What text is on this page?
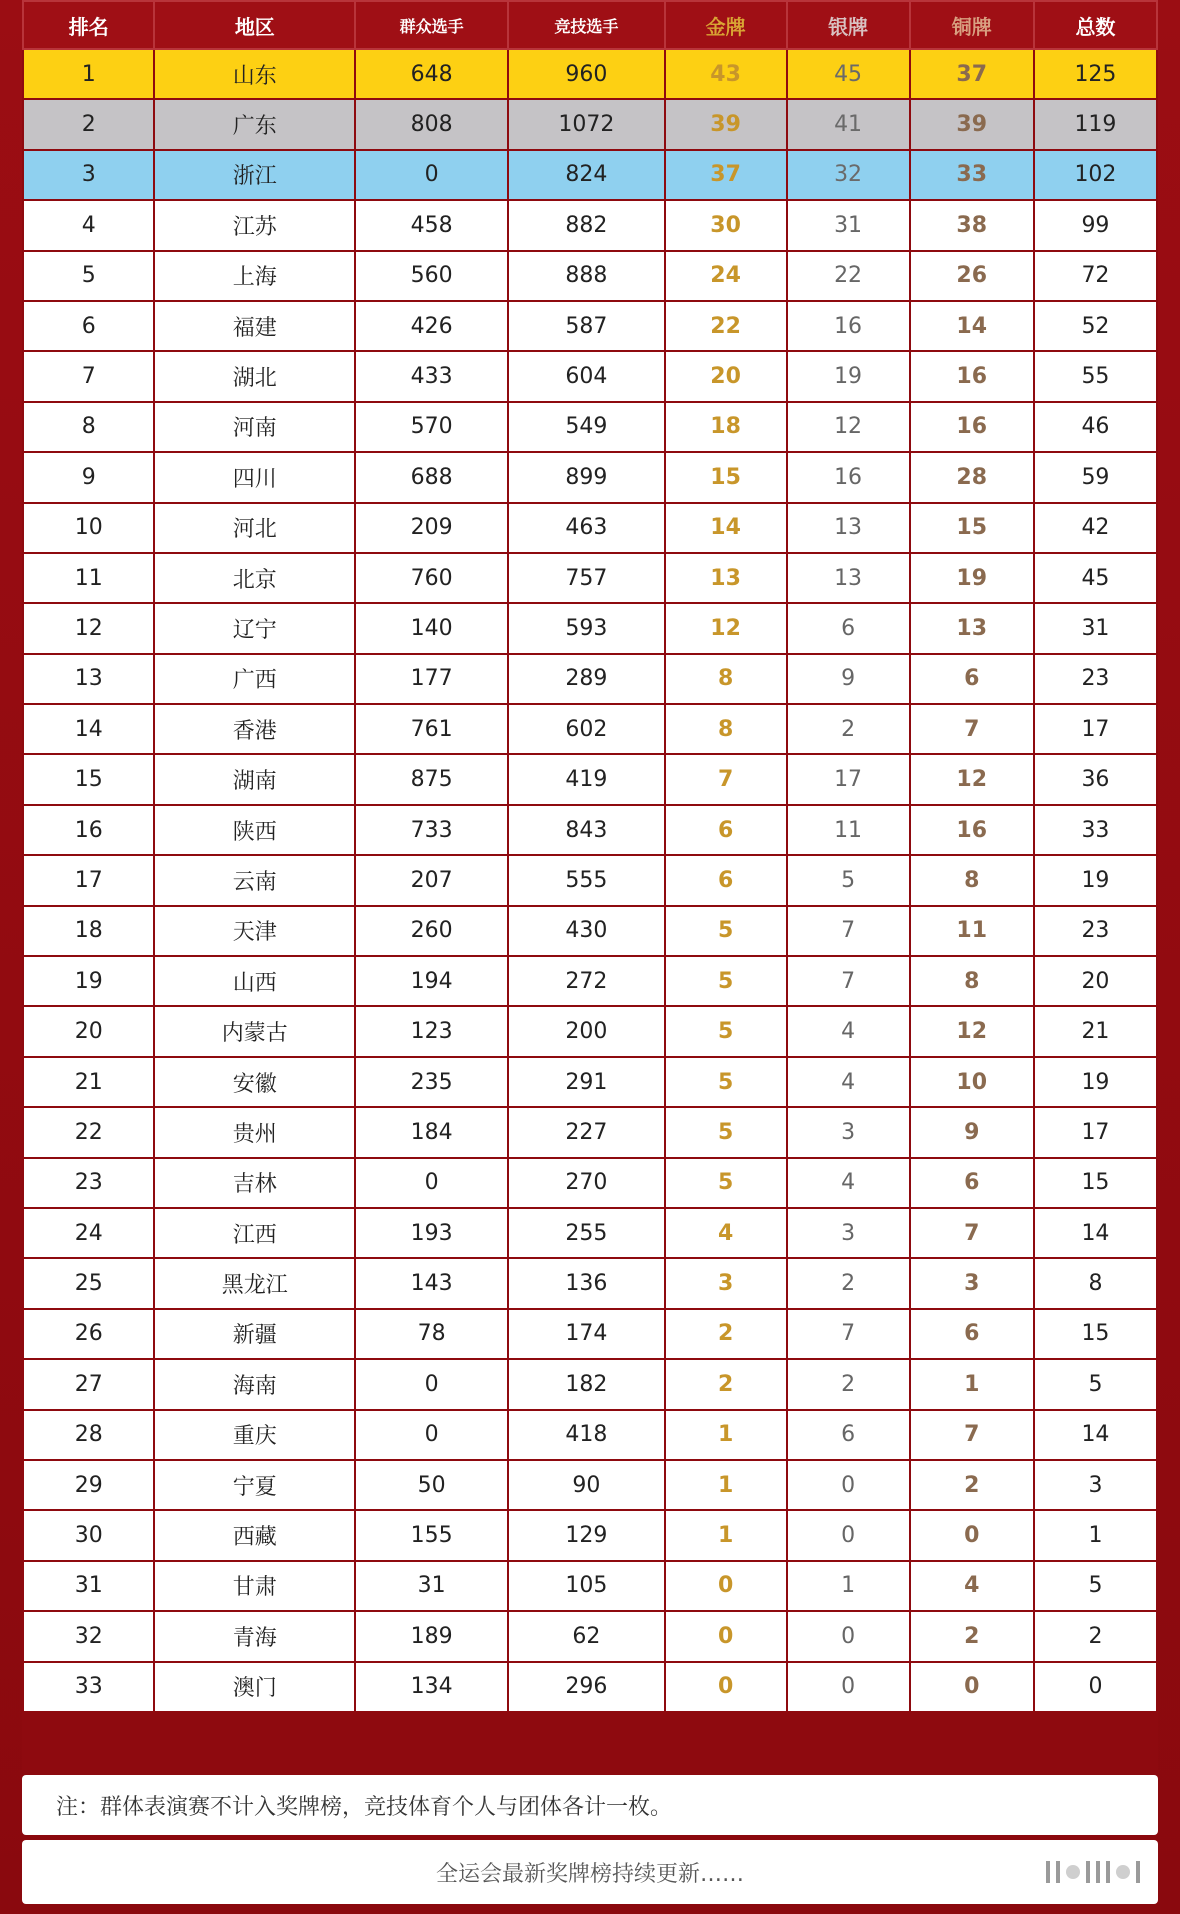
排名	地区	群众选手	竞技选手	金牌	银牌	铜牌	总数
1	山东	648	960	43	45	37	125
2	广东	808	1072	39	41	39	119
3	浙江	0	824	37	32	33	102
4	江苏	458	882	30	31	38	99
5	上海	560	888	24	22	26	72
6	福建	426	587	22	16	14	52
7	湖北	433	604	20	19	16	55
8	河南	570	549	18	12	16	46
9	四川	688	899	15	16	28	59
10	河北	209	463	14	13	15	42
11	北京	760	757	13	13	19	45
12	辽宁	140	593	12	6	13	31
13	广西	177	289	8	9	6	23
14	香港	761	602	8	2	7	17
15	湖南	875	419	7	17	12	36
16	陕西	733	843	6	11	16	33
17	云南	207	555	6	5	8	19
18	天津	260	430	5	7	11	23
19	山西	194	272	5	7	8	20
20	内蒙古	123	200	5	4	12	21
21	安徽	235	291	5	4	10	19
22	贵州	184	227	5	3	9	17
23	吉林	0	270	5	4	6	15
24	江西	193	255	4	3	7	14
25	黑龙江	143	136	3	2	3	8
26	新疆	78	174	2	7	6	15
27	海南	0	182	2	2	1	5
28	重庆	0	418	1	6	7	14
29	宁夏	50	90	1	0	2	3
30	西藏	155	129	1	0	0	1
31	甘肃	31	105	0	1	4	5
32	青海	189	62	0	0	2	2
33	澳门	134	296	0	0	0	0
注：群体表演赛不计入奖牌榜，竞技体育个人与团体各计一枚。
全运会最新奖牌榜持续更新……
